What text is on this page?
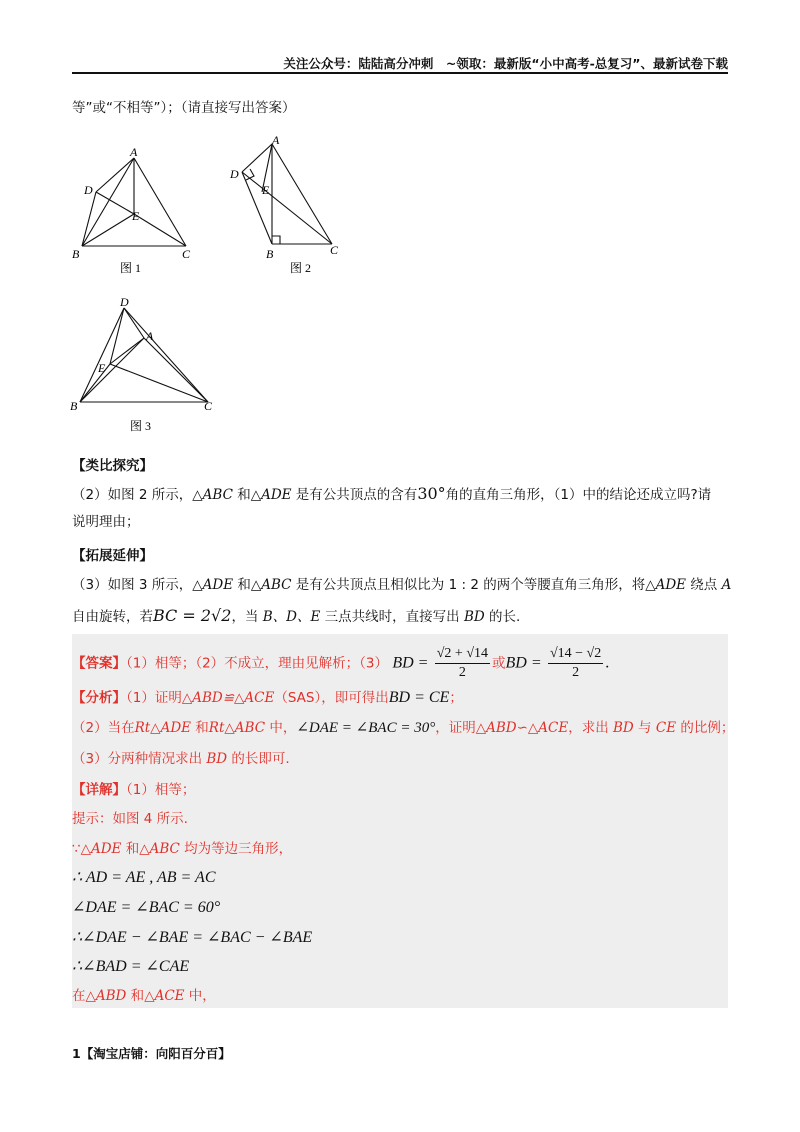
关注公众号：陆陆高分冲刺　~领取：最新版“小中高考-总复习”、最新试卷下载
等”或“不相等”）；（请直接写出答案）
A
D
E
B	C
图 1
A
D
E
B	C
图 2
D
A
E
B	C
图 3
【类比探究】
（2）如图 2 所示，△ABC 和△ADE 是有公共顶点的含有30°角的直角三角形，（1）中的结论还成立吗?请
说明理由；
【拓展延伸】
（3）如图 3 所示，△ADE 和△ABC 是有公共顶点且相似比为 1 : 2 的两个等腰直角三角形，将△ADE 绕点 A
自由旋转，若BC = 2√2，当 B、D、E 三点共线时，直接写出 BD 的长.
【答案】（1）相等；（2）不成立，理由见解析；（3） BD = $\frac{√2 + √14}{2}$ 或BD = $\frac{√14 - √2}{2}$ .
【分析】（1）证明△ABD≌△ACE（SAS），即可得出BD = CE；
（2）当在Rt△ADE 和Rt△ABC 中，∠DAE = ∠BAC = 30°，证明△ABD∽△ACE，求出 BD 与 CE 的比例；
（3）分两种情况求出 BD 的长即可.
【详解】（1）相等；
提示：如图 4 所示.
∵△ADE 和△ABC 均为等边三角形，
∴ AD = AE , AB = AC
∠DAE = ∠BAC = 60°
∴∠DAE − ∠BAE = ∠BAC − ∠BAE
∴∠BAD = ∠CAE
在△ABD 和△ACE 中，
1【淘宝店铺：向阳百分百】
